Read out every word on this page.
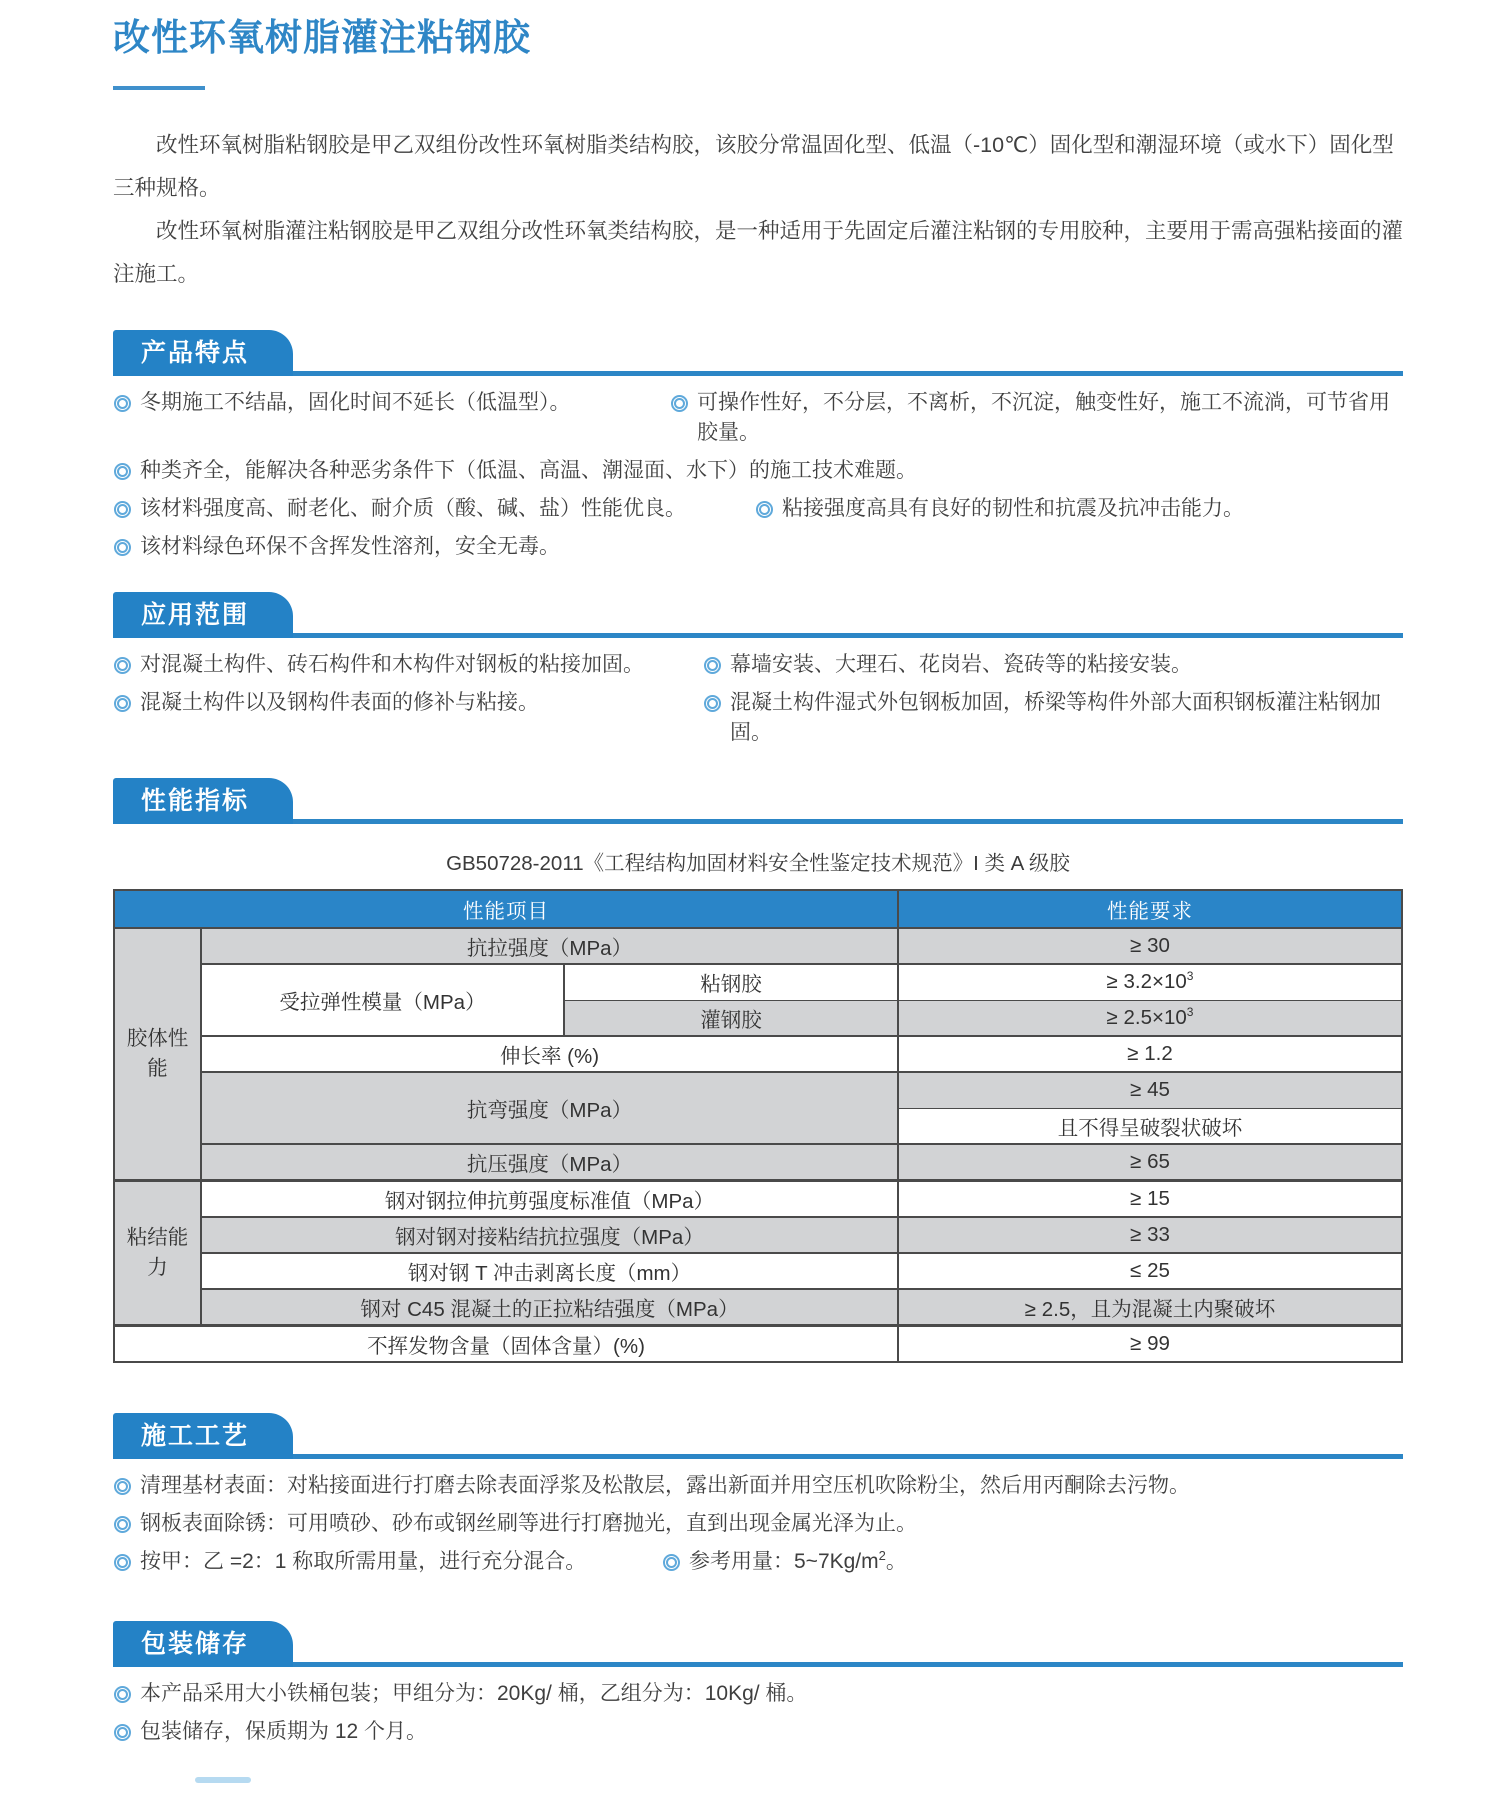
改性环氧树脂灌注粘钢胶

改性环氧树脂粘钢胶是甲乙双组份改性环氧树脂类结构胶，该胶分常温固化型、低温（-10℃）固化型和潮湿环境（或水下）固化型三种规格。

改性环氧树脂灌注粘钢胶是甲乙双组分改性环氧类结构胶，是一种适用于先固定后灌注粘钢的专用胶种，主要用于需高强粘接面的灌注施工。

产品特点
冬期施工不结晶，固化时间不延长（低温型）。	可操作性好，不分层，不离析，不沉淀，触变性好，施工不流淌，可节省用胶量。
种类齐全，能解决各种恶劣条件下（低温、高温、潮湿面、水下）的施工技术难题。
该材料强度高、耐老化、耐介质（酸、碱、盐）性能优良。	粘接强度高具有良好的韧性和抗震及抗冲击能力。
该材料绿色环保不含挥发性溶剂，安全无毒。
应用范围
对混凝土构件、砖石构件和木构件对钢板的粘接加固。	幕墙安装、大理石、花岗岩、瓷砖等的粘接安装。
混凝土构件以及钢构件表面的修补与粘接。	混凝土构件湿式外包钢板加固，桥梁等构件外部大面积钢板灌注粘钢加固。
性能指标
GB50728-2011《工程结构加固材料安全性鉴定技术规范》I 类 A 级胶
性能项目			性能要求
胶体性能	抗拉强度（MPa）		≥ 30
	受拉弹性模量（MPa）	粘钢胶	≥ $3.2\times 10^3$
		灌钢胶	≥ $2.5\times 10^3$
	伸长率 (%)		≥ 1.2
	抗弯强度（MPa）		≥ 45
			且不得呈破裂状破坏
	抗压强度（MPa）		≥ 65
粘结能力	钢对钢拉伸抗剪强度标准值（MPa）		≥ 15
	钢对钢对接粘结抗拉强度（MPa）		≥ 33
	钢对钢 T 冲击剥离长度（mm）		≤ 25
	钢对 C45 混凝土的正拉粘结强度（MPa）		≥ 2.5，且为混凝土内聚破坏
不挥发物含量（固体含量）(%)			≥ 99
施工工艺
清理基材表面：对粘接面进行打磨去除表面浮浆及松散层，露出新面并用空压机吹除粉尘，然后用丙酮除去污物。
钢板表面除锈：可用喷砂、砂布或钢丝刷等进行打磨抛光，直到出现金属光泽为止。
按甲：乙 =2：1 称取所需用量，进行充分混合。	参考用量：$5\sim 7Kg/m^2$。
包装储存
本产品采用大小铁桶包装；甲组分为：20Kg/ 桶，乙组分为：10Kg/ 桶。
包装储存，保质期为 12 个月。
